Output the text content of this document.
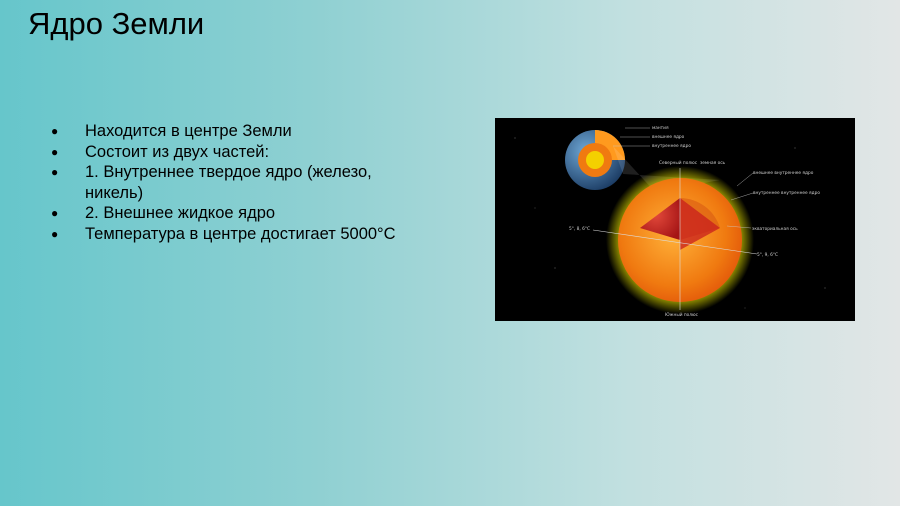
Ядро Земли
● Находится в центре Земли
● Состоит из двух частей:
● 1. Внутреннее твердое ядро (железо, никель)
● 2. Внешнее жидкое ядро
● Температура в центре достигает 5000°С
мантия
внешнее ядро
внутреннее ядро
Северный полюс земная ось
внешнее внутреннее ядро
внутреннее внутреннее ядро
экваториальная ось
5°, 8, 6°С
5°, 9, 6°С
Южный полюс
